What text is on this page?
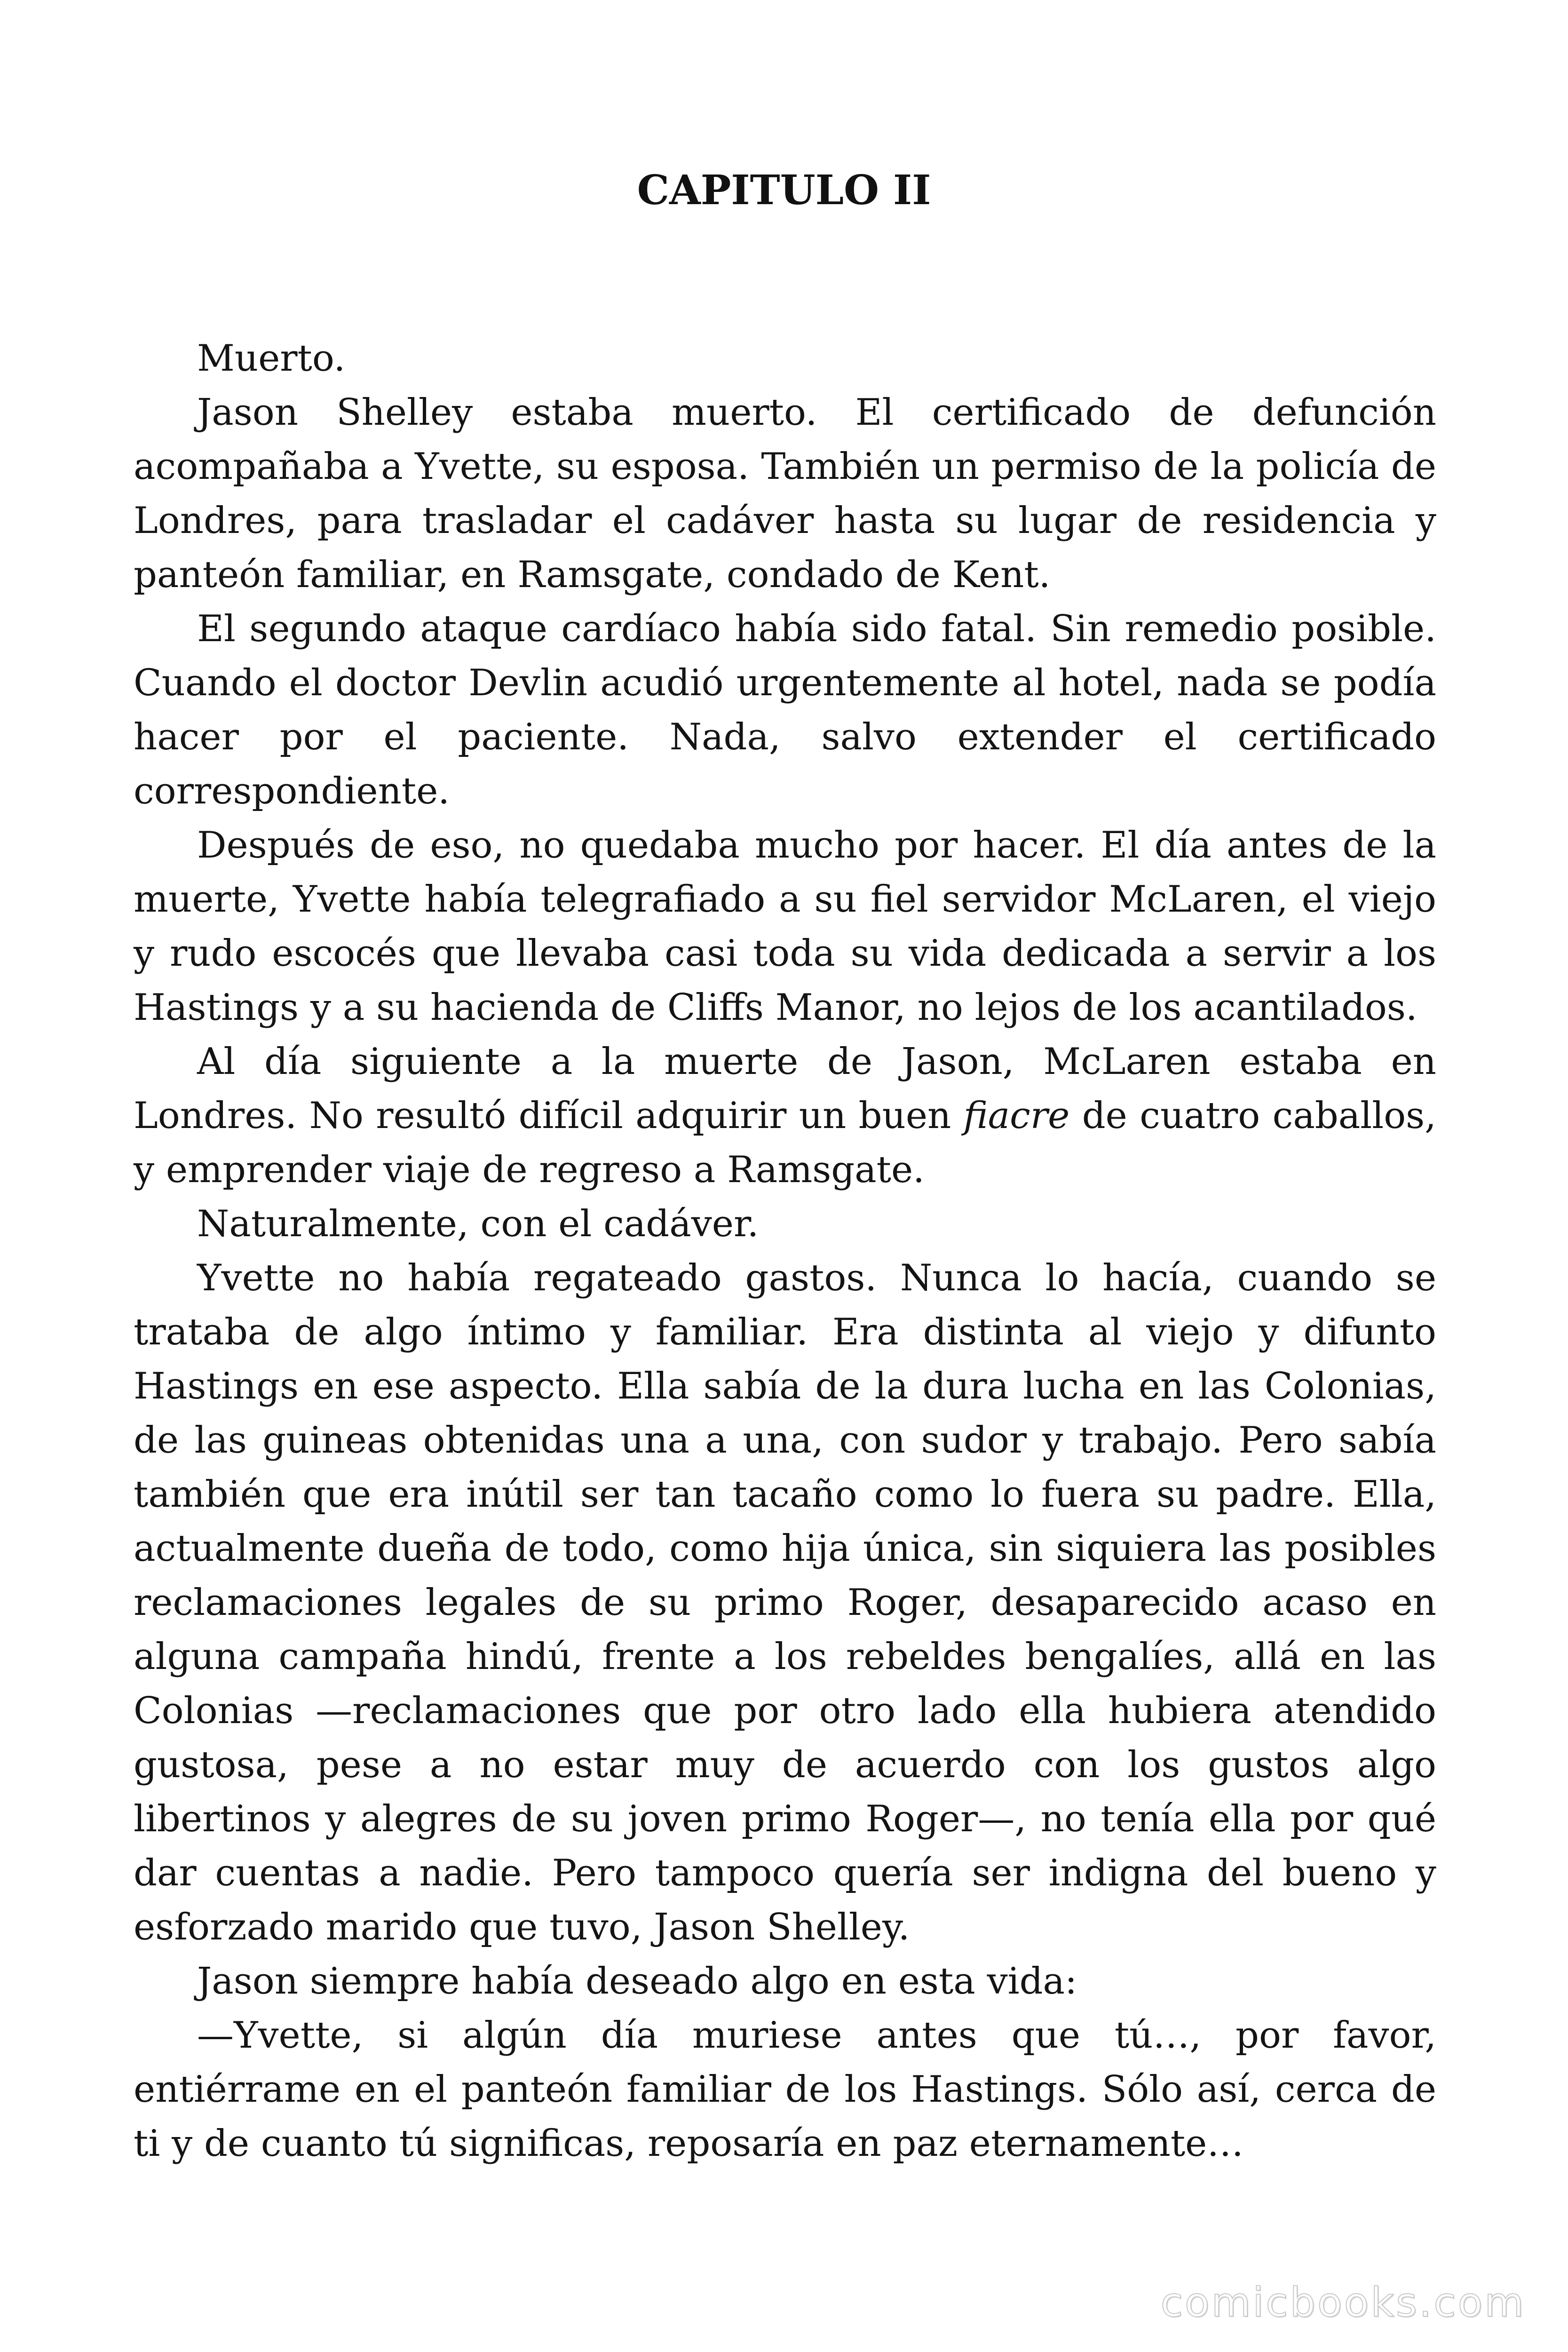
CAPITULO II

Muerto.

Jason Shelley estaba muerto. El certificado de defunción acompañaba a Yvette, su esposa. También un permiso de la policía de Londres, para trasladar el cadáver hasta su lugar de residencia y panteón familiar, en Ramsgate, condado de Kent.

El segundo ataque cardíaco había sido fatal. Sin remedio posible. Cuando el doctor Devlin acudió urgentemente al hotel, nada se podía hacer por el paciente. Nada, salvo extender el certificado correspondiente.

Después de eso, no quedaba mucho por hacer. El día antes de la muerte, Yvette había telegrafiado a su fiel servidor McLaren, el viejo y rudo escocés que llevaba casi toda su vida dedicada a servir a los Hastings y a su hacienda de Cliffs Manor, no lejos de los acantilados.

Al día siguiente a la muerte de Jason, McLaren estaba en Londres. No resultó difícil adquirir un buen fiacre de cuatro caballos, y emprender viaje de regreso a Ramsgate.

Naturalmente, con el cadáver.

Yvette no había regateado gastos. Nunca lo hacía, cuando se trataba de algo íntimo y familiar. Era distinta al viejo y difunto Hastings en ese aspecto. Ella sabía de la dura lucha en las Colonias, de las guineas obtenidas una a una, con sudor y trabajo. Pero sabía también que era inútil ser tan tacaño como lo fuera su padre. Ella, actualmente dueña de todo, como hija única, sin siquiera las posibles reclamaciones legales de su primo Roger, desaparecido acaso en alguna campaña hindú, frente a los rebeldes bengalíes, allá en las Colonias —reclamaciones que por otro lado ella hubiera atendido gustosa, pese a no estar muy de acuerdo con los gustos algo libertinos y alegres de su joven primo Roger—, no tenía ella por qué dar cuentas a nadie. Pero tampoco quería ser indigna del bueno y esforzado marido que tuvo, Jason Shelley.

Jason siempre había deseado algo en esta vida:

—Yvette, si algún día muriese antes que tú…, por favor, entiérrame en el panteón familiar de los Hastings. Sólo así, cerca de ti y de cuanto tú significas, reposaría en paz eternamente…

comicbooks.com
